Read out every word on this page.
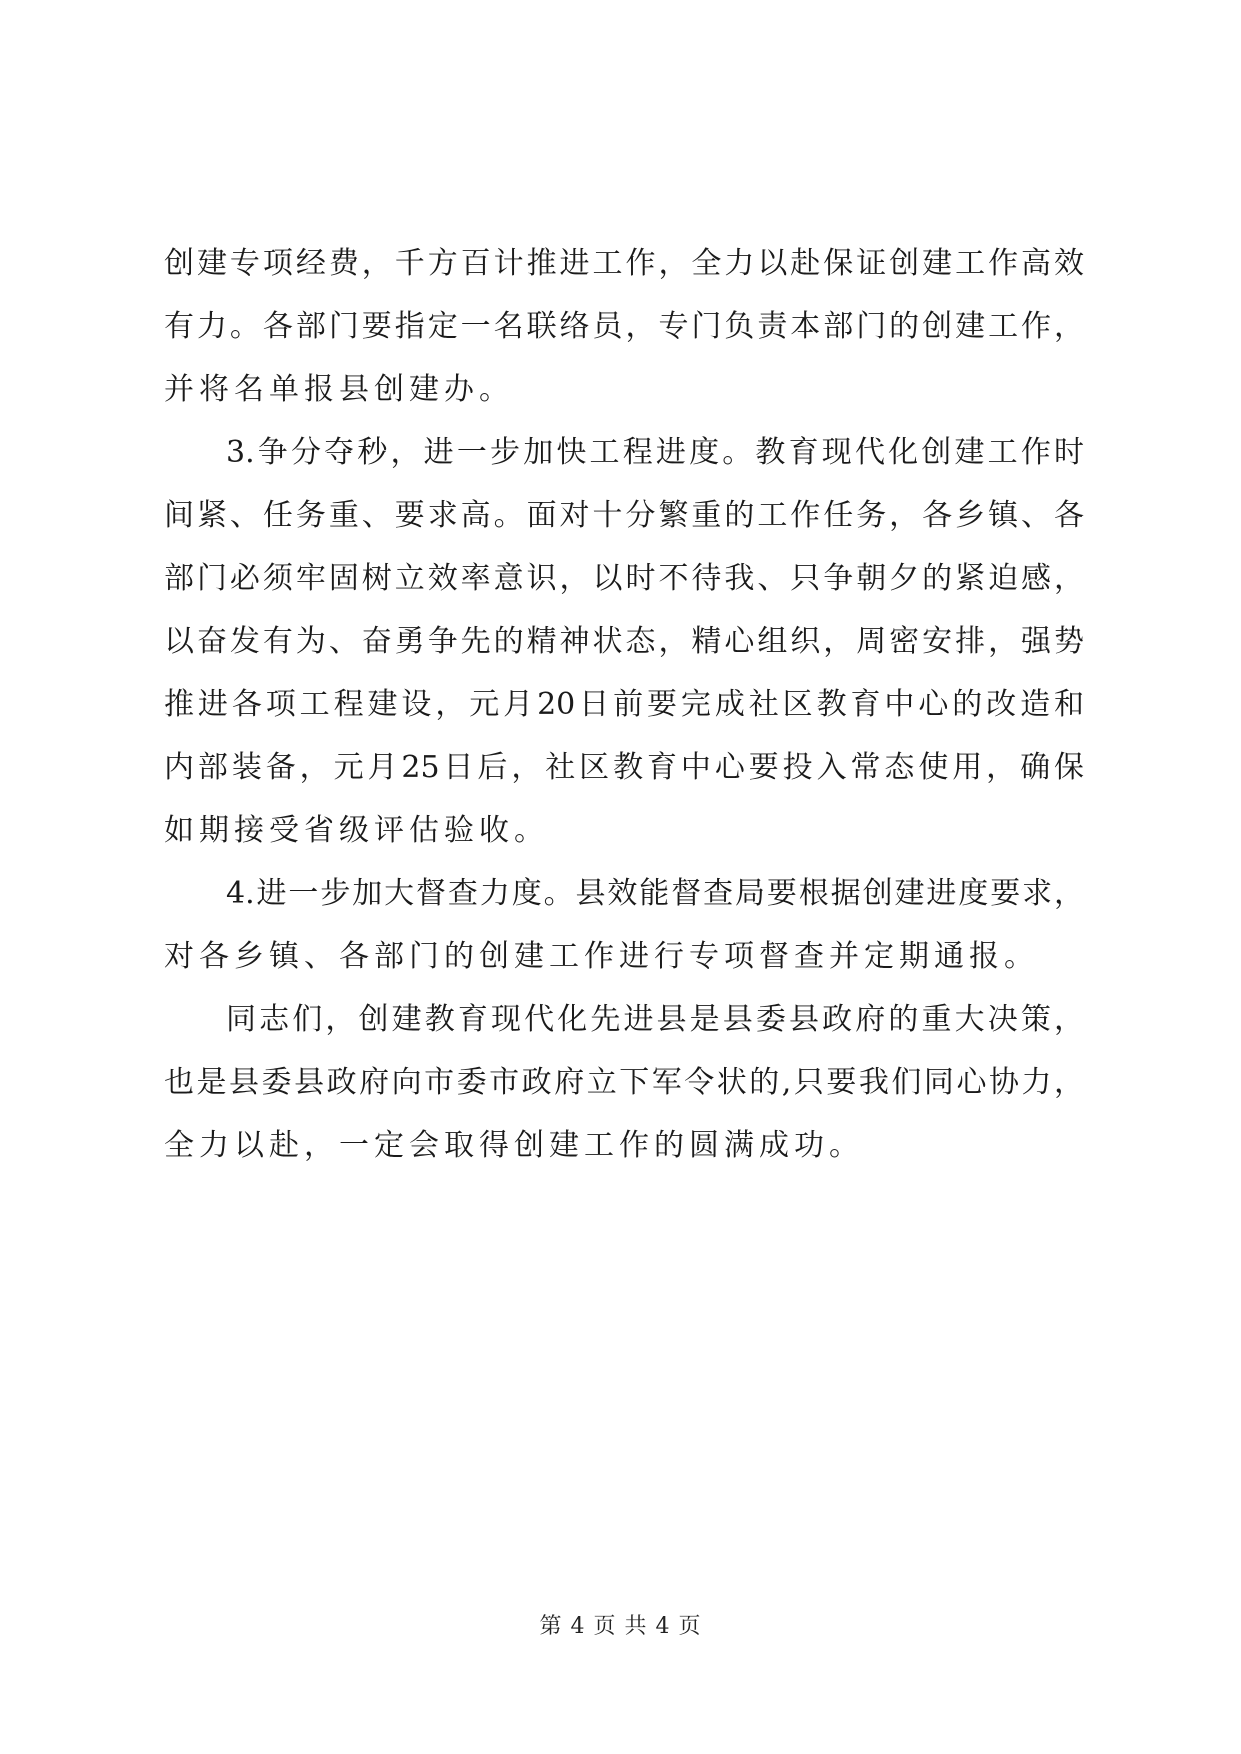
创建专项经费，千方百计推进工作，全力以赴保证创建工作高效
有力。各部门要指定一名联络员，专门负责本部门的创建工作，
并将名单报县创建办。
3.争分夺秒，进一步加快工程进度。教育现代化创建工作时
间紧、任务重、要求高。面对十分繁重的工作任务，各乡镇、各
部门必须牢固树立效率意识，以时不待我、只争朝夕的紧迫感，
以奋发有为、奋勇争先的精神状态，精心组织，周密安排，强势
推进各项工程建设，元月20日前要完成社区教育中心的改造和
内部装备，元月25日后，社区教育中心要投入常态使用，确保
如期接受省级评估验收。
4.进一步加大督查力度。县效能督查局要根据创建进度要求，
对各乡镇、各部门的创建工作进行专项督查并定期通报。
同志们，创建教育现代化先进县是县委县政府的重大决策，
也是县委县政府向市委市政府立下军令状的,只要我们同心协力，
全力以赴，一定会取得创建工作的圆满成功。
第 4 页 共 4 页
